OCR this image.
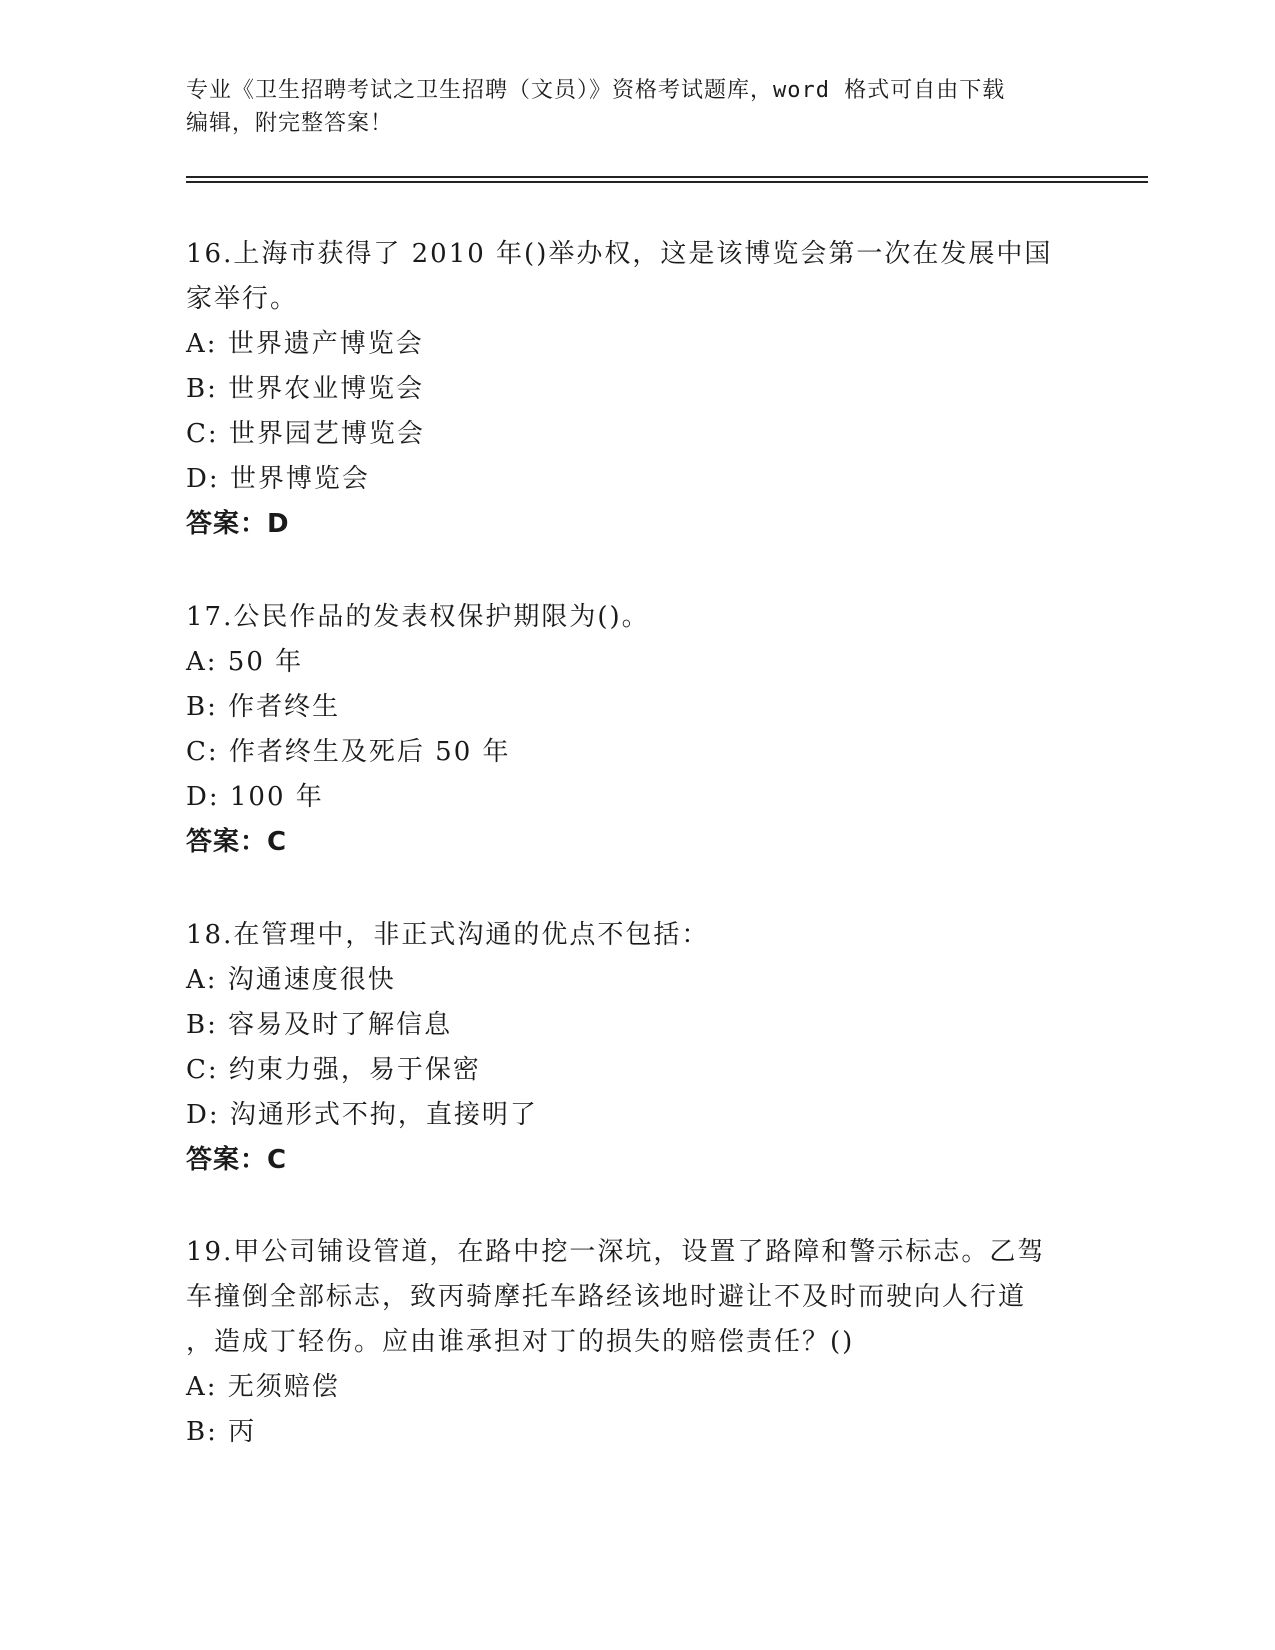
专业《卫生招聘考试之卫生招聘（文员）》资格考试题库，word 格式可自由下载
编辑，附完整答案！

16.上海市获得了 2010 年()举办权，这是该博览会第一次在发展中国

家举行。

A: 世界遗产博览会

B: 世界农业博览会

C: 世界园艺博览会

D: 世界博览会

答案：D

17.公民作品的发表权保护期限为()。

A: 50 年

B: 作者终生

C: 作者终生及死后 50 年

D: 100 年

答案：C

18.在管理中，非正式沟通的优点不包括：

A: 沟通速度很快

B: 容易及时了解信息

C: 约束力强，易于保密

D: 沟通形式不拘，直接明了

答案：C

19.甲公司铺设管道，在路中挖一深坑，设置了路障和警示标志。乙驾

车撞倒全部标志，致丙骑摩托车路经该地时避让不及时而驶向人行道

，造成丁轻伤。应由谁承担对丁的损失的赔偿责任？()

A: 无须赔偿

B: 丙
